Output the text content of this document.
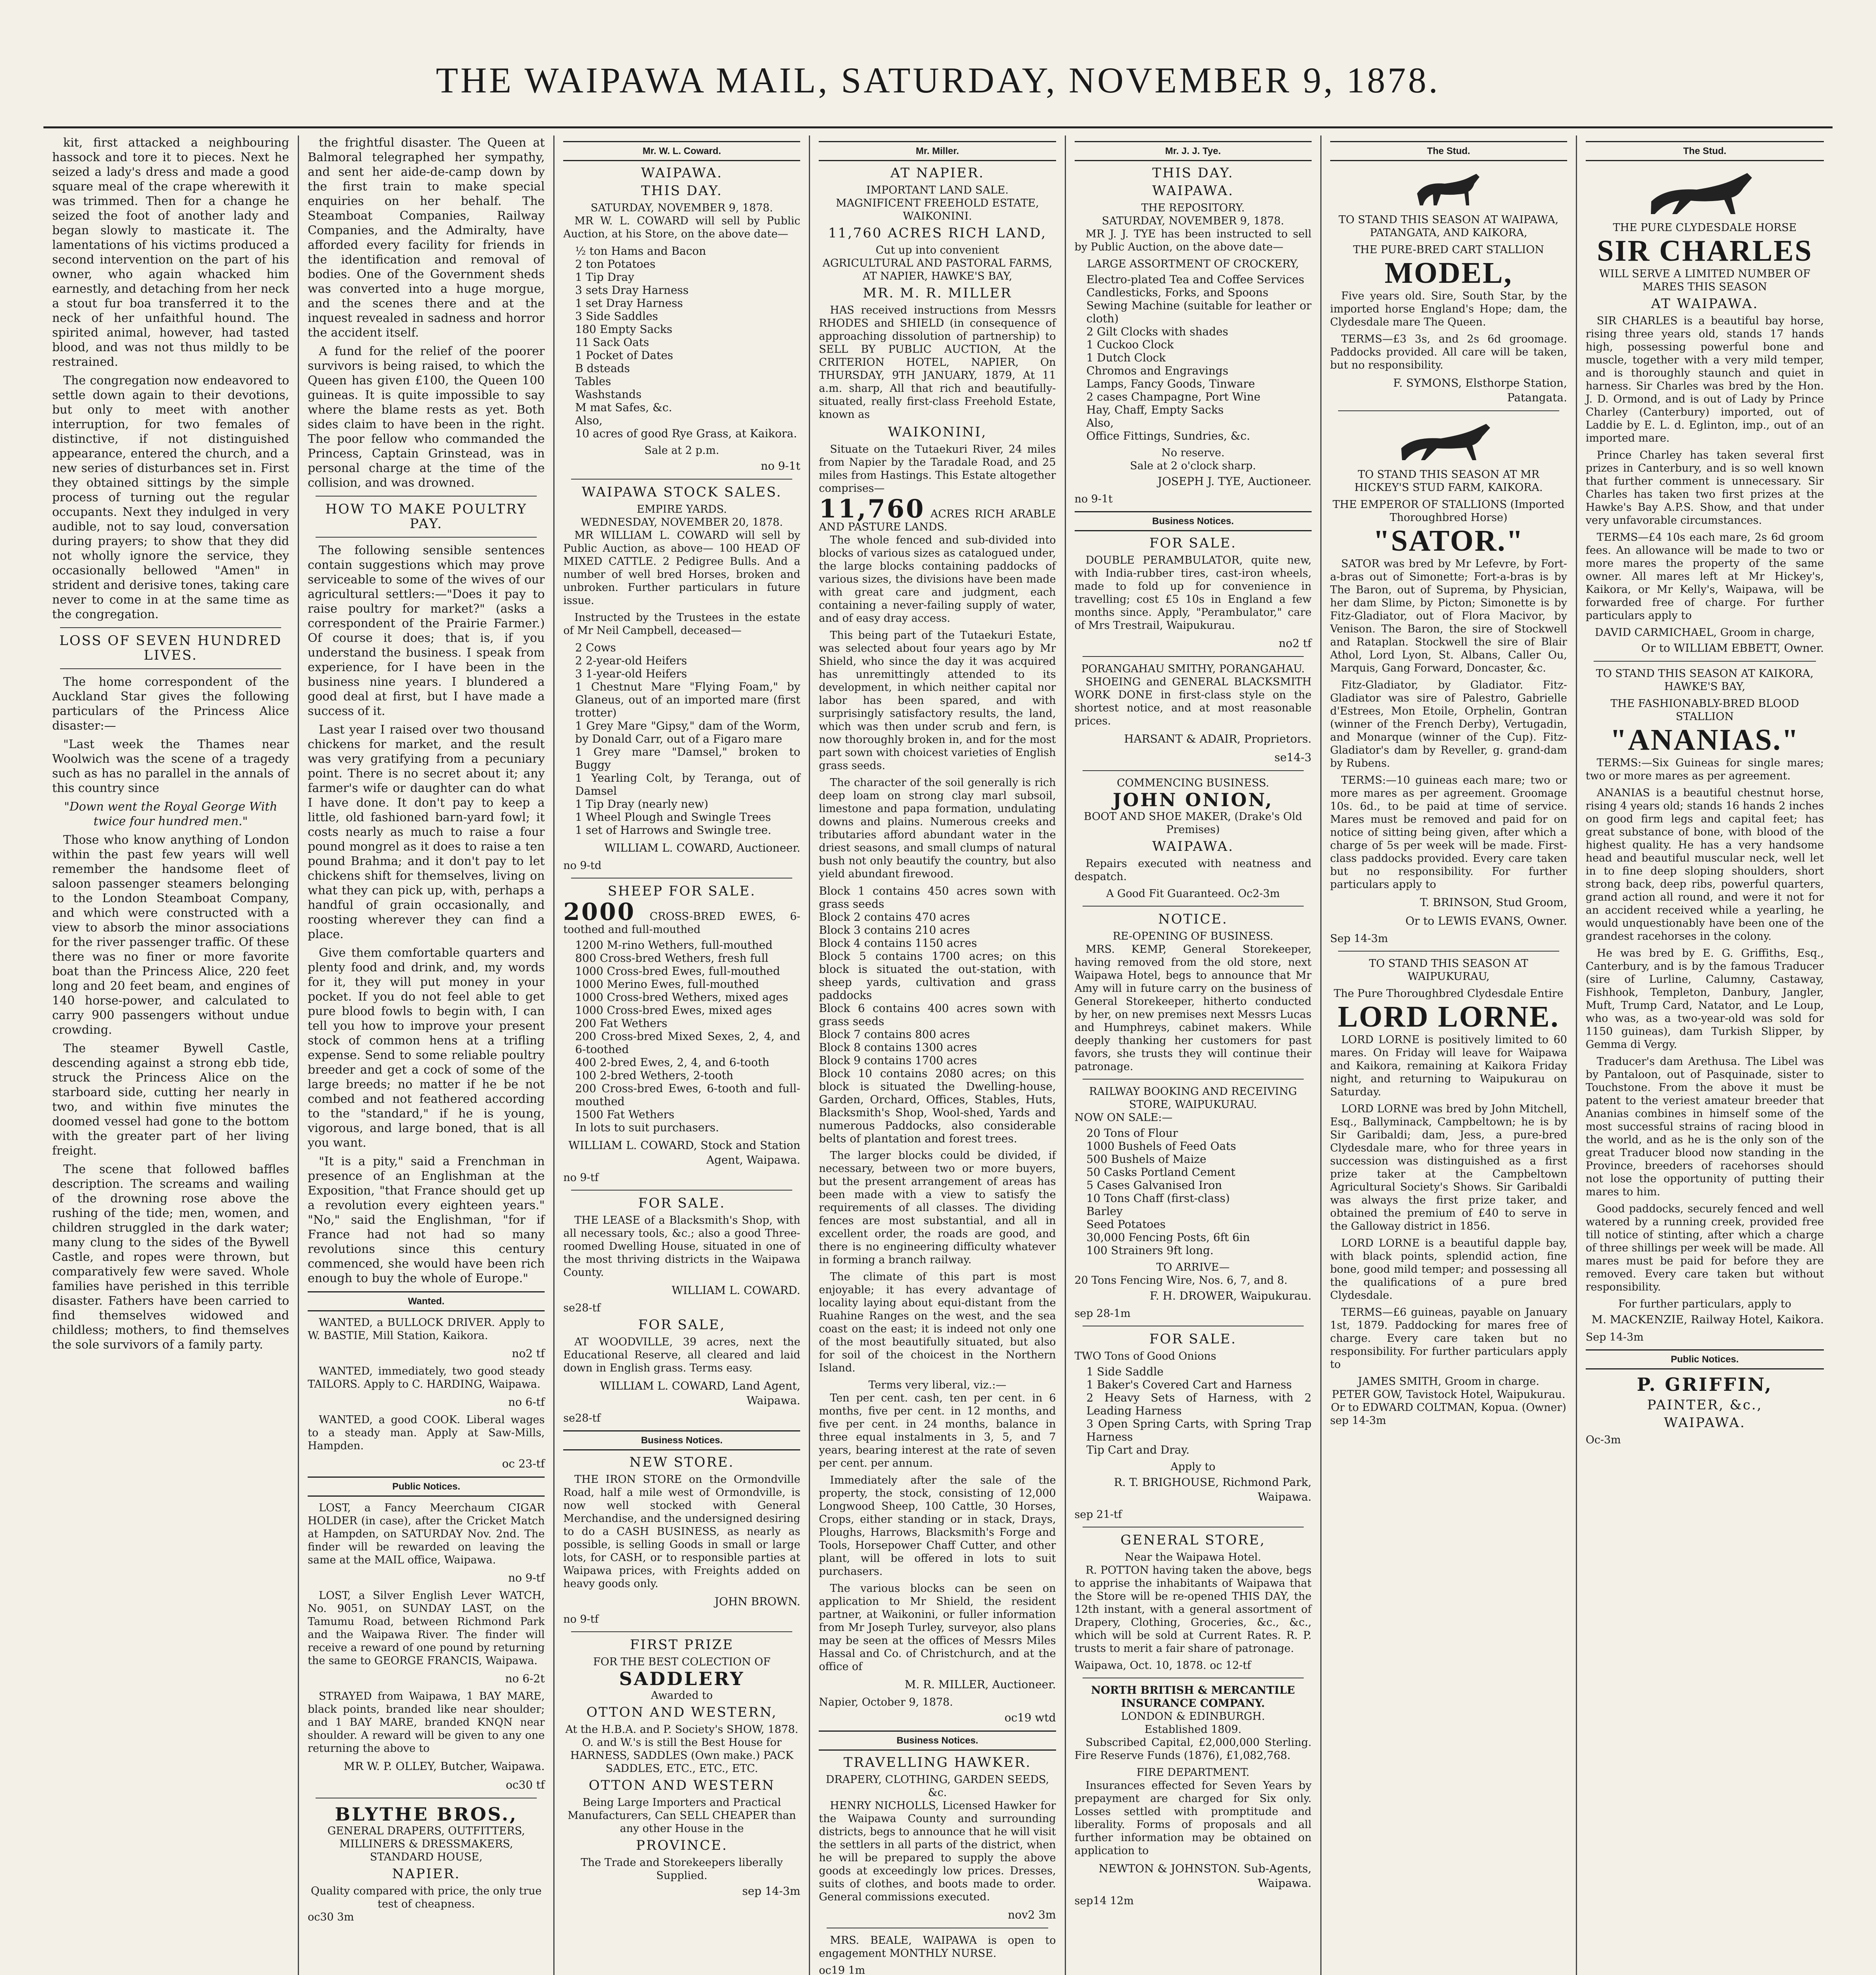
THE WAIPAWA MAIL, SATURDAY, NOVEMBER 9, 1878.

kit, first attacked a neighbouring hassock and tore it to pieces. Next he seized a lady's dress and made a good square meal of the crape wherewith it was trimmed. Then for a change he seized the foot of another lady and began slowly to masticate it. The lamentations of his victims produced a second intervention on the part of his owner, who again whacked him earnestly, and detaching from her neck a stout fur boa transferred it to the neck of her unfaithful hound. The spirited animal, however, had tasted blood, and was not thus mildly to be restrained.

The congregation now endeavored to settle down again to their devotions, but only to meet with another interruption, for two females of distinctive, if not distinguished appearance, entered the church, and a new series of disturbances set in. First they obtained sittings by the simple process of turning out the regular occupants. Next they indulged in very audible, not to say loud, conversation during prayers; to show that they did not wholly ignore the service, they occasionally bellowed "Amen" in strident and derisive tones, taking care never to come in at the same time as the congregation.

LOSS OF SEVEN HUNDRED LIVES.

The home correspondent of the Auckland Star gives the following particulars of the Princess Alice disaster:—

"Last week the Thames near Woolwich was the scene of a tragedy such as has no parallel in the annals of this country since

"Down went the Royal George With twice four hundred men."

Those who know anything of London within the past few years will well remember the handsome fleet of saloon passenger steamers belonging to the London Steamboat Company, and which were constructed with a view to absorb the minor associations for the river passenger traffic. Of these there was no finer or more favorite boat than the Princess Alice, 220 feet long and 20 feet beam, and engines of 140 horse-power, and calculated to carry 900 passengers without undue crowding.

The steamer Bywell Castle, descending against a strong ebb tide, struck the Princess Alice on the starboard side, cutting her nearly in two, and within five minutes the doomed vessel had gone to the bottom with the greater part of her living freight.

The scene that followed baffles description. The screams and wailing of the drowning rose above the rushing of the tide; men, women, and children struggled in the dark water; many clung to the sides of the Bywell Castle, and ropes were thrown, but comparatively few were saved. Whole families have perished in this terrible disaster. Fathers have been carried to find themselves widowed and childless; mothers, to find themselves the sole survivors of a family party.

the frightful disaster. The Queen at Balmoral telegraphed her sympathy, and sent her aide-de-camp down by the first train to make special enquiries on her behalf. The Steamboat Companies, Railway Companies, and the Admiralty, have afforded every facility for friends in the identification and removal of bodies. One of the Government sheds was converted into a huge morgue, and the scenes there and at the inquest revealed in sadness and horror the accident itself.

A fund for the relief of the poorer survivors is being raised, to which the Queen has given £100, the Queen 100 guineas. It is quite impossible to say where the blame rests as yet. Both sides claim to have been in the right. The poor fellow who commanded the Princess, Captain Grinstead, was in personal charge at the time of the collision, and was drowned.

HOW TO MAKE POULTRY PAY.

The following sensible sentences contain suggestions which may prove serviceable to some of the wives of our agricultural settlers:—"Does it pay to raise poultry for market?" (asks a correspondent of the Prairie Farmer.) Of course it does; that is, if you understand the business. I speak from experience, for I have been in the business nine years. I blundered a good deal at first, but I have made a success of it.

Last year I raised over two thousand chickens for market, and the result was very gratifying from a pecuniary point. There is no secret about it; any farmer's wife or daughter can do what I have done. It don't pay to keep a little, old fashioned barn-yard fowl; it costs nearly as much to raise a four pound mongrel as it does to raise a ten pound Brahma; and it don't pay to let chickens shift for themselves, living on what they can pick up, with, perhaps a handful of grain occasionally, and roosting wherever they can find a place.

Give them comfortable quarters and plenty food and drink, and, my words for it, they will put money in your pocket. If you do not feel able to get pure blood fowls to begin with, I can tell you how to improve your present stock of common hens at a trifling expense. Send to some reliable poultry breeder and get a cock of some of the large breeds; no matter if he be not combed and not feathered according to the "standard," if he is young, vigorous, and large boned, that is all you want.

"It is a pity," said a Frenchman in presence of an Englishman at the Exposition, "that France should get up a revolution every eighteen years." "No," said the Englishman, "for if France had not had so many revolutions since this century commenced, she would have been rich enough to buy the whole of Europe."

Wanted.

WANTED, a BULLOCK DRIVER. Apply to W. BASTIE, Mill Station, Kaikora.

no2 tf

WANTED, immediately, two good steady TAILORS. Apply to C. HARDING, Waipawa.

no 6-tf

WANTED, a good COOK. Liberal wages to a steady man. Apply at Saw-Mills, Hampden.

oc 23-tf
Public Notices.

LOST, a Fancy Meerchaum CIGAR HOLDER (in case), after the Cricket Match at Hampden, on SATURDAY Nov. 2nd. The finder will be rewarded on leaving the same at the MAIL office, Waipawa.

no 9-tf

LOST, a Silver English Lever WATCH, No. 9051, on SUNDAY LAST, on the Tamumu Road, between Richmond Park and the Waipawa River. The finder will receive a reward of one pound by returning the same to GEORGE FRANCIS, Waipawa.

no 6-2t

STRAYED from Waipawa, 1 BAY MARE, black points, branded like near shoulder; and 1 BAY MARE, branded KNQN near shoulder. A reward will be given to any one returning the above to

MR W. P. OLLEY, Butcher, Waipawa.
oc30 tf
BLYTHE BROS.,
GENERAL DRAPERS, OUTFITTERS, MILLINERS & DRESSMAKERS,
STANDARD HOUSE,
NAPIER.
Quality compared with price, the only true test of cheapness.
oc30 3m
Mr. W. L. Coward.
WAIPAWA.
THIS DAY.
SATURDAY, NOVEMBER 9, 1878.

MR W. L. COWARD will sell by Public Auction, at his Store, on the above date—

½ ton Hams and Bacon
2 ton Potatoes
1 Tip Dray
3 sets Dray Harness
1 set Dray Harness
3 Side Saddles
180 Empty Sacks
11 Sack Oats
1 Pocket of Dates
B dsteads
Tables
Washstands
M mat Safes, &c.
Also,
10 acres of good Rye Grass, at Kaikora.
Sale at 2 p.m.
no 9-1t
WAIPAWA STOCK SALES.
EMPIRE YARDS.
WEDNESDAY, NOVEMBER 20, 1878.

MR WILLIAM L. COWARD will sell by Public Auction, as above— 100 HEAD OF MIXED CATTLE. 2 Pedigree Bulls. And a number of well bred Horses, broken and unbroken. Further particulars in future issue.

Instructed by the Trustees in the estate of Mr Neil Campbell, deceased—

2 Cows
2 2-year-old Heifers
3 1-year-old Heifers
1 Chestnut Mare "Flying Foam," by Glaneus, out of an imported mare (first trotter)
1 Grey Mare "Gipsy," dam of the Worm, by Donald Carr, out of a Figaro mare
1 Grey mare "Damsel," broken to Buggy
1 Yearling Colt, by Teranga, out of Damsel
1 Tip Dray (nearly new)
1 Wheel Plough and Swingle Trees
1 set of Harrows and Swingle tree.
WILLIAM L. COWARD, Auctioneer.
no 9-td
SHEEP FOR SALE.
2000 CROSS-BRED EWES, 6-toothed and full-mouthed
1200 M-rino Wethers, full-mouthed
800 Cross-bred Wethers, fresh full
1000 Cross-bred Ewes, full-mouthed
1000 Merino Ewes, full-mouthed
1000 Cross-bred Wethers, mixed ages
1000 Cross-bred Ewes, mixed ages
200 Fat Wethers
200 Cross-bred Mixed Sexes, 2, 4, and 6-toothed
400 2-bred Ewes, 2, 4, and 6-tooth
100 2-bred Wethers, 2-tooth
200 Cross-bred Ewes, 6-tooth and full-mouthed
1500 Fat Wethers
In lots to suit purchasers.
WILLIAM L. COWARD, Stock and Station Agent, Waipawa.
no 9-tf
FOR SALE.

THE LEASE of a Blacksmith's Shop, with all necessary tools, &c.; also a good Three-roomed Dwelling House, situated in one of the most thriving districts in the Waipawa County.

WILLIAM L. COWARD.
se28-tf
FOR SALE,

AT WOODVILLE, 39 acres, next the Educational Reserve, all cleared and laid down in English grass. Terms easy.

WILLIAM L. COWARD, Land Agent, Waipawa.
se28-tf
Business Notices.
NEW STORE.

THE IRON STORE on the Ormondville Road, half a mile west of Ormondville, is now well stocked with General Merchandise, and the undersigned desiring to do a CASH BUSINESS, as nearly as possible, is selling Goods in small or large lots, for CASH, or to responsible parties at Waipawa prices, with Freights added on heavy goods only.

JOHN BROWN.
no 9-tf
FIRST PRIZE
FOR THE BEST COLECTION OF
SADDLERY
Awarded to
OTTON AND WESTERN,
At the H.B.A. and P. Society's SHOW, 1878.
O. and W.'s is still the Best House for HARNESS, SADDLES (Own make.) PACK SADDLES, ETC., ETC., ETC.
OTTON AND WESTERN
Being Large Importers and Practical Manufacturers, Can SELL CHEAPER than any other House in the
PROVINCE.
The Trade and Storekeepers liberally Supplied.
sep 14-3m
Mr. Miller.
AT NAPIER.
IMPORTANT LAND SALE.
MAGNIFICENT FREEHOLD ESTATE, WAIKONINI.
11,760 ACRES RICH LAND,
Cut up into convenient
AGRICULTURAL AND PASTORAL FARMS,
AT NAPIER, HAWKE'S BAY,
MR. M. R. MILLER

HAS received instructions from Messrs RHODES and SHIELD (in consequence of approaching dissolution of partnership) to SELL BY PUBLIC AUCTION, At the CRITERION HOTEL, NAPIER, On THURSDAY, 9TH JANUARY, 1879, At 11 a.m. sharp, All that rich and beautifully-situated, really first-class Freehold Estate, known as

WAIKONINI,

Situate on the Tutaekuri River, 24 miles from Napier by the Taradale Road, and 25 miles from Hastings. This Estate altogether comprises—

11,760 ACRES RICH ARABLE AND PASTURE LANDS.

The whole fenced and sub-divided into blocks of various sizes as catalogued under, the large blocks containing paddocks of various sizes, the divisions have been made with great care and judgment, each containing a never-failing supply of water, and of easy dray access.

This being part of the Tutaekuri Estate, was selected about four years ago by Mr Shield, who since the day it was acquired has unremittingly attended to its development, in which neither capital nor labor has been spared, and with surprisingly satisfactory results, the land, which was then under scrub and fern, is now thoroughly broken in, and for the most part sown with choicest varieties of English grass seeds.

The character of the soil generally is rich deep loam on strong clay marl subsoil, limestone and papa formation, undulating downs and plains. Numerous creeks and tributaries afford abundant water in the driest seasons, and small clumps of natural bush not only beautify the country, but also yield abundant firewood.

Block 1 contains 450 acres sown with grass seeds
Block 2 contains 470 acres
Block 3 contains 210 acres
Block 4 contains 1150 acres
Block 5 contains 1700 acres; on this block is situated the out-station, with sheep yards, cultivation and grass paddocks
Block 6 contains 400 acres sown with grass seeds
Block 7 contains 800 acres
Block 8 contains 1300 acres
Block 9 contains 1700 acres
Block 10 contains 2080 acres; on this block is situated the Dwelling-house, Garden, Orchard, Offices, Stables, Huts, Blacksmith's Shop, Wool-shed, Yards and numerous Paddocks, also considerable belts of plantation and forest trees.

The larger blocks could be divided, if necessary, between two or more buyers, but the present arrangement of areas has been made with a view to satisfy the requirements of all classes. The dividing fences are most substantial, and all in excellent order, the roads are good, and there is no engineering difficulty whatever in forming a branch railway.

The climate of this part is most enjoyable; it has every advantage of locality laying about equi-distant from the Ruahine Ranges on the west, and the sea coast on the east; it is indeed not only one of the most beautifully situated, but also for soil of the choicest in the Northern Island.

Terms very liberal, viz.:—

Ten per cent. cash, ten per cent. in 6 months, five per cent. in 12 months, and five per cent. in 24 months, balance in three equal instalments in 3, 5, and 7 years, bearing interest at the rate of seven per cent. per annum.

Immediately after the sale of the property, the stock, consisting of 12,000 Longwood Sheep, 100 Cattle, 30 Horses, Crops, either standing or in stack, Drays, Ploughs, Harrows, Blacksmith's Forge and Tools, Horsepower Chaff Cutter, and other plant, will be offered in lots to suit purchasers.

The various blocks can be seen on application to Mr Shield, the resident partner, at Waikonini, or fuller information from Mr Joseph Turley, surveyor, also plans may be seen at the offices of Messrs Miles Hassal and Co. of Christchurch, and at the office of

M. R. MILLER, Auctioneer.
Napier, October 9, 1878.
oc19 wtd
Business Notices.
TRAVELLING HAWKER.
DRAPERY, CLOTHING, GARDEN SEEDS, &c.

HENRY NICHOLLS, Licensed Hawker for the Waipawa County and surrounding districts, begs to announce that he will visit the settlers in all parts of the district, when he will be prepared to supply the above goods at exceedingly low prices. Dresses, suits of clothes, and boots made to order. General commissions executed.

nov2 3m

MRS. BEALE, WAIPAWA is open to engagement MONTHLY NURSE.

oc19 1m
Mr. J. J. Tye.
THIS DAY.
WAIPAWA.
THE REPOSITORY.
SATURDAY, NOVEMBER 9, 1878.

MR J. J. TYE has been instructed to sell by Public Auction, on the above date—

LARGE ASSORTMENT OF CROCKERY,
Electro-plated Tea and Coffee Services
Candlesticks, Forks, and Spoons
Sewing Machine (suitable for leather or cloth)
2 Gilt Clocks with shades
1 Cuckoo Clock
1 Dutch Clock
Chromos and Engravings
Lamps, Fancy Goods, Tinware
2 cases Champagne, Port Wine
Hay, Chaff, Empty Sacks
Also,
Office Fittings, Sundries, &c.
No reserve.
Sale at 2 o'clock sharp.
JOSEPH J. TYE, Auctioneer.
no 9-1t
Business Notices.
FOR SALE.

DOUBLE PERAMBULATOR, quite new, with India-rubber tires, cast-iron wheels, made to fold up for convenience in travelling; cost £5 10s in England a few months since. Apply, "Perambulator," care of Mrs Trestrail, Waipukurau.

no2 tf
PORANGAHAU SMITHY, PORANGAHAU.

SHOEING and GENERAL BLACKSMITH WORK DONE in first-class style on the shortest notice, and at most reasonable prices.

HARSANT & ADAIR, Proprietors.
se14-3
COMMENCING BUSINESS.
JOHN ONION,
BOOT AND SHOE MAKER, (Drake's Old Premises)
WAIPAWA.

Repairs executed with neatness and despatch.

A Good Fit Guaranteed. Oc2-3m
NOTICE.
RE-OPENING OF BUSINESS.

MRS. KEMP, General Storekeeper, having removed from the old store, next Waipawa Hotel, begs to announce that Mr Amy will in future carry on the business of General Storekeeper, hitherto conducted by her, on new premises next Messrs Lucas and Humphreys, cabinet makers. While deeply thanking her customers for past favors, she trusts they will continue their patronage.

RAILWAY BOOKING AND RECEIVING STORE, WAIPUKURAU.
NOW ON SALE:—
20 Tons of Flour
1000 Bushels of Feed Oats
500 Bushels of Maize
50 Casks Portland Cement
5 Cases Galvanised Iron
10 Tons Chaff (first-class)
Barley
Seed Potatoes
30,000 Fencing Posts, 6ft 6in
100 Strainers 9ft long.
TO ARRIVE—
20 Tons Fencing Wire, Nos. 6, 7, and 8.
F. H. DROWER, Waipukurau.
sep 28-1m
FOR SALE.
TWO Tons of Good Onions
1 Side Saddle
1 Baker's Covered Cart and Harness
2 Heavy Sets of Harness, with 2 Leading Harness
3 Open Spring Carts, with Spring Trap Harness
Tip Cart and Dray.
Apply to
R. T. BRIGHOUSE, Richmond Park, Waipawa.
sep 21-tf
GENERAL STORE,
Near the Waipawa Hotel.

R. POTTON having taken the above, begs to apprise the inhabitants of Waipawa that the Store will be re-opened THIS DAY, the 12th instant, with a general assortment of Drapery, Clothing, Groceries, &c., &c., which will be sold at Current Rates. R. P. trusts to merit a fair share of patronage.

Waipawa, Oct. 10, 1878. oc 12-tf
NORTH BRITISH & MERCANTILE INSURANCE COMPANY.
LONDON & EDINBURGH.
Established 1809.

Subscribed Capital, £2,000,000 Sterling. Fire Reserve Funds (1876), £1,082,768.

FIRE DEPARTMENT.

Insurances effected for Seven Years by prepayment are charged for Six only. Losses settled with promptitude and liberality. Forms of proposals and all further information may be obtained on application to

NEWTON & JOHNSTON. Sub-Agents, Waipawa.
sep14 12m
The Stud.

TO STAND THIS SEASON AT WAIPAWA, PATANGATA, AND KAIKORA,

THE PURE-BRED CART STALLION
MODEL,

Five years old. Sire, South Star, by the imported horse England's Hope; dam, the Clydesdale mare The Queen.

TERMS—£3 3s, and 2s 6d groomage. Paddocks provided. All care will be taken, but no responsibility.

F. SYMONS, Elsthorpe Station, Patangata.

TO STAND THIS SEASON AT MR HICKEY'S STUD FARM, KAIKORA.

THE EMPEROR OF STALLIONS (Imported Thoroughbred Horse)
"SATOR."

SATOR was bred by Mr Lefevre, by Fort-a-bras out of Simonette; Fort-a-bras is by The Baron, out of Suprema, by Physician, her dam Slime, by Picton; Simonette is by Fitz-Gladiator, out of Flora Macivor, by Venison. The Baron, the sire of Stockwell and Rataplan. Stockwell the sire of Blair Athol, Lord Lyon, St. Albans, Caller Ou, Marquis, Gang Forward, Doncaster, &c.

Fitz-Gladiator, by Gladiator. Fitz-Gladiator was sire of Palestro, Gabrielle d'Estrees, Mon Etoile, Orphelin, Gontran (winner of the French Derby), Vertugadin, and Monarque (winner of the Cup). Fitz-Gladiator's dam by Reveller, g. grand-dam by Rubens.

TERMS:—10 guineas each mare; two or more mares as per agreement. Groomage 10s. 6d., to be paid at time of service. Mares must be removed and paid for on notice of sitting being given, after which a charge of 5s per week will be made. First-class paddocks provided. Every care taken but no responsibility. For further particulars apply to

T. BRINSON, Stud Groom,
Or to LEWIS EVANS, Owner.
Sep 14-3m

TO STAND THIS SEASON AT WAIPUKURAU,

The Pure Thoroughbred Clydesdale Entire
LORD LORNE.

LORD LORNE is positively limited to 60 mares. On Friday will leave for Waipawa and Kaikora, remaining at Kaikora Friday night, and returning to Waipukurau on Saturday.

LORD LORNE was bred by John Mitchell, Esq., Ballyminack, Campbeltown; he is by Sir Garibaldi; dam, Jess, a pure-bred Clydesdale mare, who for three years in succession was distinguished as a first prize taker at the Campbeltown Agricultural Society's Shows. Sir Garibaldi was always the first prize taker, and obtained the premium of £40 to serve in the Galloway district in 1856.

LORD LORNE is a beautiful dapple bay, with black points, splendid action, fine bone, good mild temper; and possessing all the qualifications of a pure bred Clydesdale.

TERMS—£6 guineas, payable on January 1st, 1879. Paddocking for mares free of charge. Every care taken but no responsibility. For further particulars apply to

JAMES SMITH, Groom in charge.
PETER GOW, Tavistock Hotel, Waipukurau.
Or to EDWARD COLTMAN, Kopua. (Owner)
sep 14-3m
The Stud.
THE PURE CLYDESDALE HORSE
SIR CHARLES
WILL SERVE A LIMITED NUMBER OF MARES THIS SEASON
AT WAIPAWA.

SIR CHARLES is a beautiful bay horse, rising three years old, stands 17 hands high, possessing powerful bone and muscle, together with a very mild temper, and is thoroughly staunch and quiet in harness. Sir Charles was bred by the Hon. J. D. Ormond, and is out of Lady by Prince Charley (Canterbury) imported, out of Laddie by E. L. d. Eglinton, imp., out of an imported mare.

Prince Charley has taken several first prizes in Canterbury, and is so well known that further comment is unnecessary. Sir Charles has taken two first prizes at the Hawke's Bay A.P.S. Show, and that under very unfavorable circumstances.

TERMS—£4 10s each mare, 2s 6d groom fees. An allowance will be made to two or more mares the property of the same owner. All mares left at Mr Hickey's, Kaikora, or Mr Kelly's, Waipawa, will be forwarded free of charge. For further particulars apply to

DAVID CARMICHAEL, Groom in charge,
Or to WILLIAM EBBETT, Owner.

TO STAND THIS SEASON AT KAIKORA, HAWKE'S BAY,

THE FASHIONABLY-BRED BLOOD STALLION
"ANANIAS."

TERMS:—Six Guineas for single mares; two or more mares as per agreement.

ANANIAS is a beautiful chestnut horse, rising 4 years old; stands 16 hands 2 inches on good firm legs and capital feet; has great substance of bone, with blood of the highest quality. He has a very handsome head and beautiful muscular neck, well let in to fine deep sloping shoulders, short strong back, deep ribs, powerful quarters, grand action all round, and were it not for an accident received while a yearling, he would unquestionably have been one of the grandest racehorses in the colony.

He was bred by E. G. Griffiths, Esq., Canterbury, and is by the famous Traducer (sire of Lurline, Calumny, Castaway, Fishhook, Templeton, Danbury, Jangler, Muft, Trump Card, Natator, and Le Loup, who was, as a two-year-old was sold for 1150 guineas), dam Turkish Slipper, by Gemma di Vergy.

Traducer's dam Arethusa. The Libel was by Pantaloon, out of Pasquinade, sister to Touchstone. From the above it must be patent to the veriest amateur breeder that Ananias combines in himself some of the most successful strains of racing blood in the world, and as he is the only son of the great Traducer blood now standing in the Province, breeders of racehorses should not lose the opportunity of putting their mares to him.

Good paddocks, securely fenced and well watered by a running creek, provided free till notice of stinting, after which a charge of three shillings per week will be made. All mares must be paid for before they are removed. Every care taken but without responsibility.

For further particulars, apply to
M. MACKENZIE, Railway Hotel, Kaikora.
Sep 14-3m
Public Notices.
P. GRIFFIN,
PAINTER, &c.,
WAIPAWA.
Oc-3m
